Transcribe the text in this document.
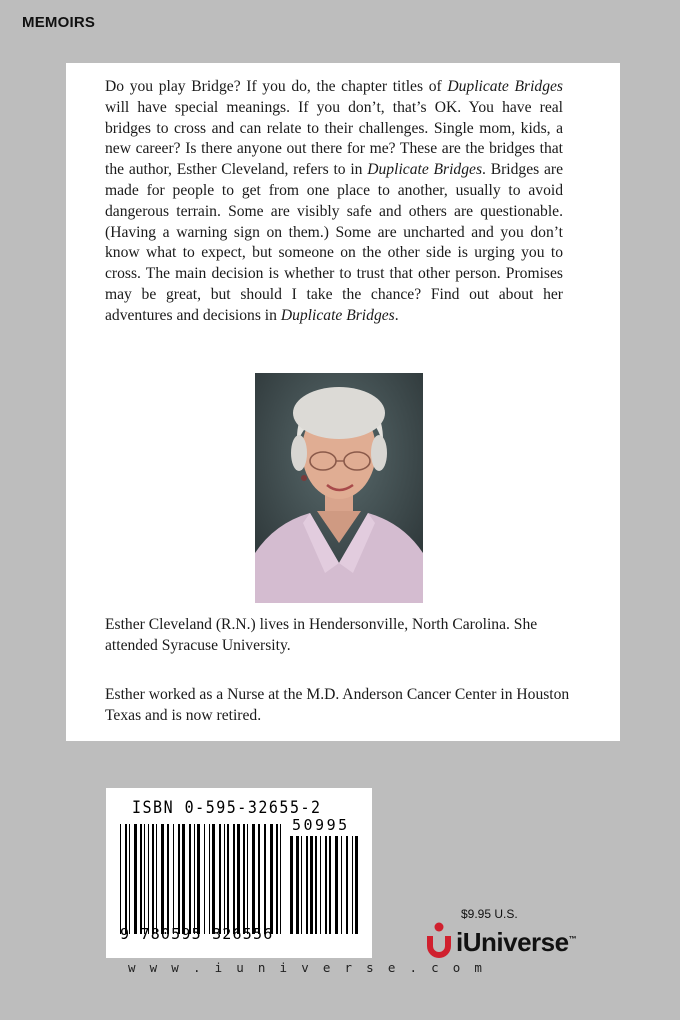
MEMOIRS

Do you play Bridge? If you do, the chapter titles of Duplicate Bridges will have special meanings. If you don’t, that’s OK. You have real bridges to cross and can relate to their challenges. Single mom, kids, a new career? Is there anyone out there for me? These are the bridges that the author, Esther Cleveland, refers to in Duplicate Bridges. Bridges are made for people to get from one place to another, usually to avoid dangerous terrain. Some are visibly safe and others are questionable. (Having a warning sign on them.) Some are uncharted and you don’t know what to expect, but someone on the other side is urging you to cross. The main decision is whether to trust that other person. Promises may be great, but should I take the chance? Find out about her adventures and decisions in Duplicate Bridges.

Esther Cleveland (R.N.) lives in Hendersonville, North Carolina. She attended Syracuse University.

Esther worked as a Nurse at the M.D. Anderson Cancer Center in Houston Texas and is now retired.

ISBN 0-595-32655-2
50995
9 780595 326556
w w w . i u n i v e r s e . c o m
$9.95 U.S.
iUniverse™
